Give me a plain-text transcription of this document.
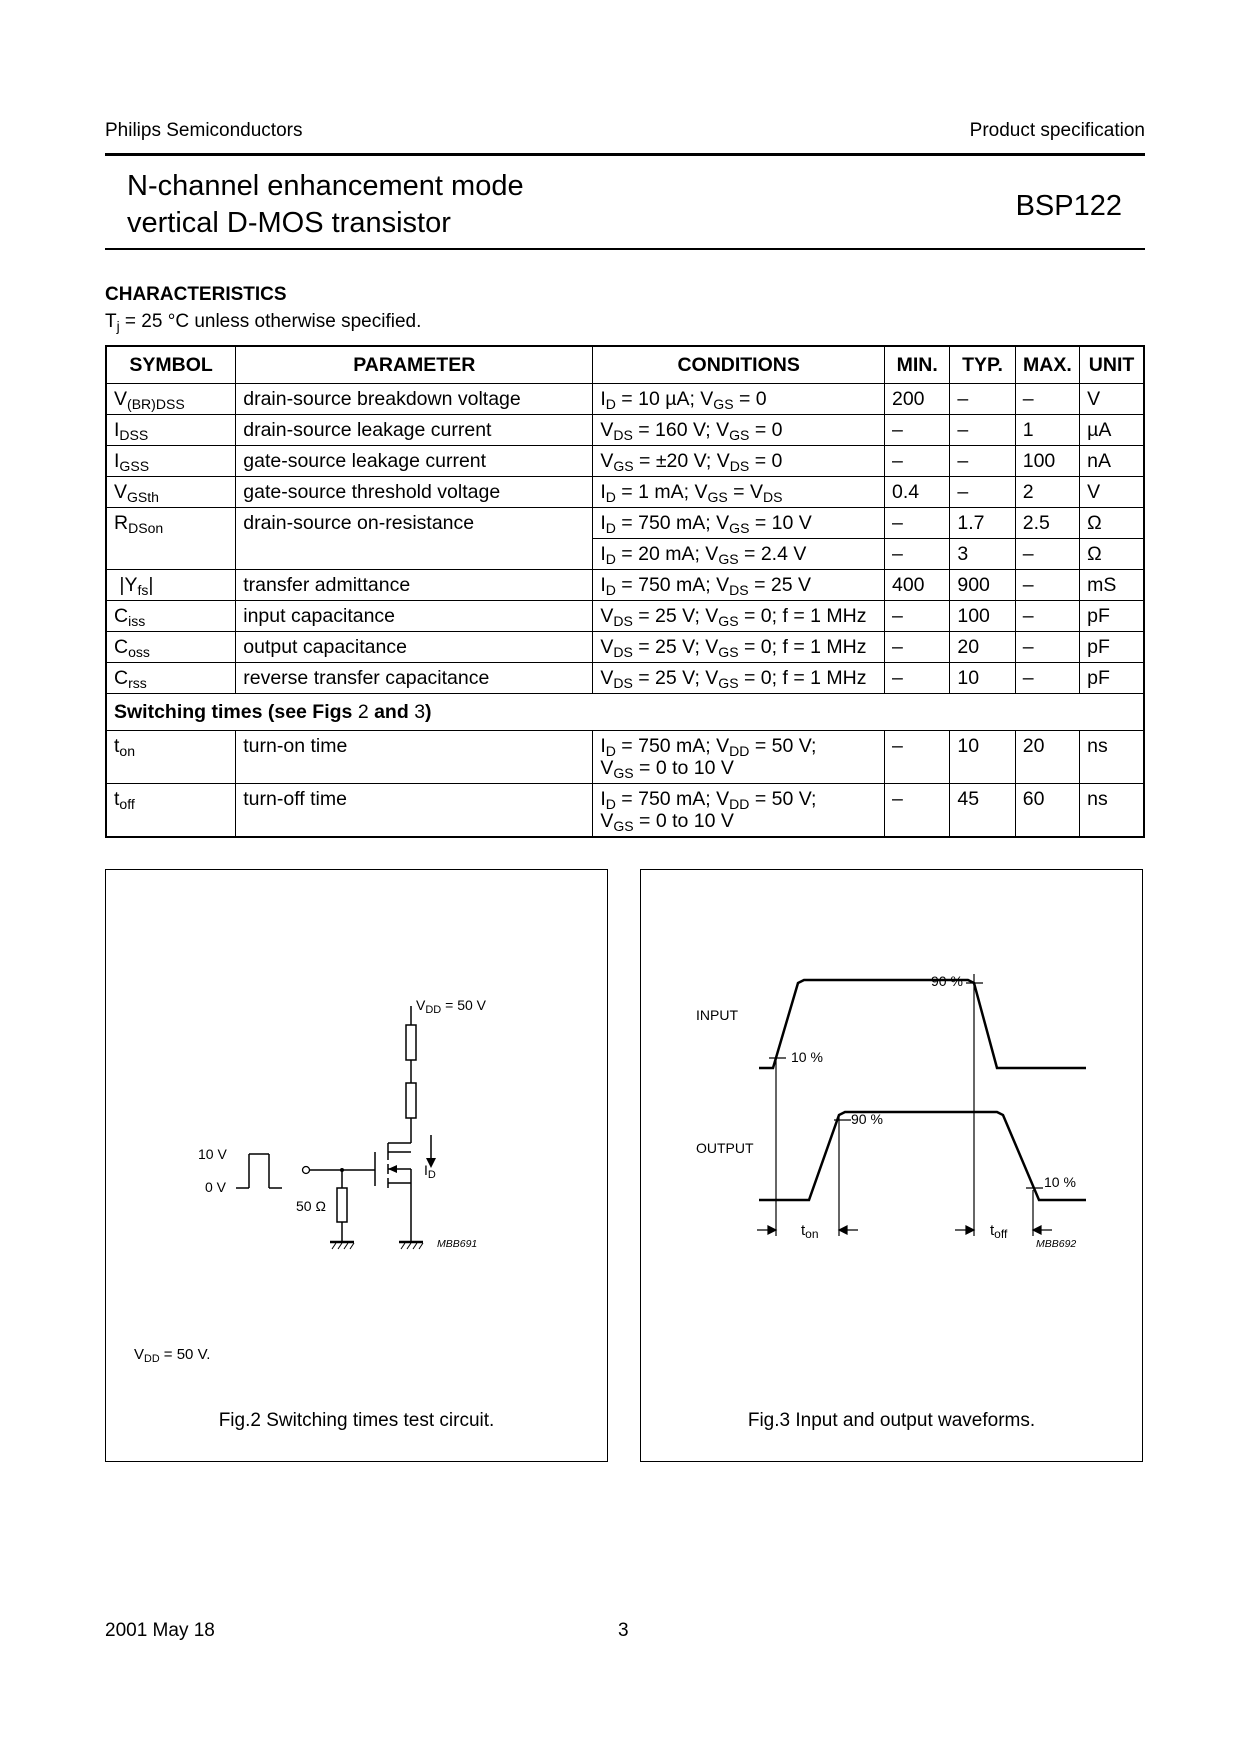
Philips Semiconductors	Product specification
N-channel enhancement mode
vertical D-MOS transistor
BSP122
CHARACTERISTICS
$T_j = 25$ °C unless otherwise specified.
SYMBOL	PARAMETER	CONDITIONS	MIN.	TYP.	MAX.	UNIT
$V_{(BR)DSS}$	drain-source breakdown voltage	$I_D = 10$ µA; $V_{GS} = 0$	200	–	–	V
$I_{DSS}$	drain-source leakage current	$V_{DS} = 160$ V; $V_{GS} = 0$	–	–	1	µA
$I_{GSS}$	gate-source leakage current	$V_{GS} = \pm 20$ V; $V_{DS} = 0$	–	–	100	nA
$V_{GSth}$	gate-source threshold voltage	$I_D = 1$ mA; $V_{GS} = V_{DS}$	0.4	–	2	V
$R_{DSon}$	drain-source on-resistance	$I_D = 750$ mA; $V_{GS} = 10$ V	–	1.7	2.5	Ω
		$I_D = 20$ mA; $V_{GS} = 2.4$ V	–	3	–	Ω
$|Y_{fs}|$	transfer admittance	$I_D = 750$ mA; $V_{DS} = 25$ V	400	900	–	mS
$C_{iss}$	input capacitance	$V_{DS} = 25$ V; $V_{GS} = 0$; f = 1 MHz	–	100	–	pF
$C_{oss}$	output capacitance	$V_{DS} = 25$ V; $V_{GS} = 0$; f = 1 MHz	–	20	–	pF
$C_{rss}$	reverse transfer capacitance	$V_{DS} = 25$ V; $V_{GS} = 0$; f = 1 MHz	–	10	–	pF
Switching times (see Figs 2 and 3)						
$t_{on}$	turn-on time	$I_D = 750$ mA; $V_{DD} = 50$ V;
$V_{GS} = 0$ to 10 V	–	10	20	ns
$t_{off}$	turn-off time	$I_D = 750$ mA; $V_{DD} = 50$ V;
$V_{GS} = 0$ to 10 V	–	45	60	ns
$V_{DD} = 50$ V
10 V
0 V
50 Ω
$I_D$
MBB691
$V_{DD} = 50$ V.
Fig.2 Switching times test circuit.
INPUT
OUTPUT
90 %
10 %
90 %
10 %
$t_{on}$	$t_{off}$
MBB692
Fig.3 Input and output waveforms.
2001 May 18	3
